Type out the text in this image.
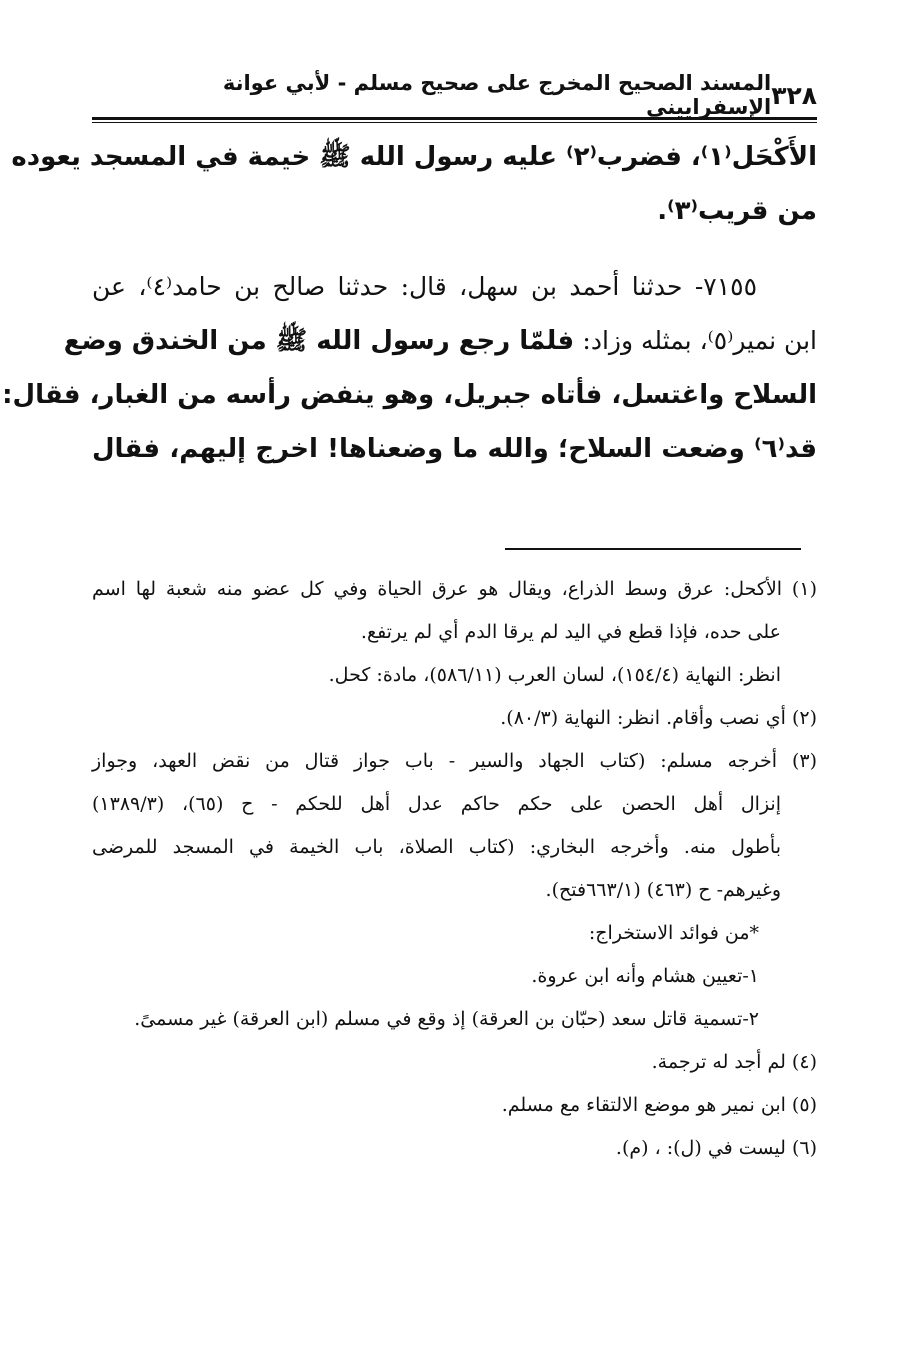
٣٢٨
المسند الصحيح المخرج على صحيح مسلم - لأبي عوانة الإسفراييني
الأَكْحَل⁽١⁾، فضرب⁽٢⁾ عليه رسول الله ﷺ خيمة في المسجد يعوده
من قريب⁽٣⁾.
٧١٥٥- حدثنا أحمد بن سهل، قال: حدثنا صالح بن حامد⁽٤⁾، عن
ابن نمير⁽٥⁾، بمثله وزاد: فلمّا رجع رسول الله ﷺ من الخندق وضع
السلاح واغتسل، فأتاه جبريل، وهو ينفض رأسه من الغبار، فقال:
قد⁽٦⁾ وضعت السلاح؛ والله ما وضعناها! اخرج إليهم، فقال
(١) الأكحل: عرق وسط الذراع، ويقال هو عرق الحياة وفي كل عضو منه شعبة لها اسم
على حده، فإذا قطع في اليد لم يرقا الدم أي لم يرتفع.
انظر: النهاية (١٥٤/٤)، لسان العرب (٥٨٦/١١)، مادة: كحل.
(٢) أي نصب وأقام. انظر: النهاية (٨٠/٣).
(٣) أخرجه مسلم: (كتاب الجهاد والسير - باب جواز قتال من نقض العهد، وجواز
إنزال أهل الحصن على حكم حاكم عدل أهل للحكم - ح (٦٥)، (١٣٨٩/٣)
بأطول منه. وأخرجه البخاري: (كتاب الصلاة، باب الخيمة في المسجد للمرضى
وغيرهم- ح (٤٦٣) (٦٦٣/١فتح).
*من فوائد الاستخراج:
١-تعيين هشام وأنه ابن عروة.
٢-تسمية قاتل سعد (حبّان بن العرقة) إذ وقع في مسلم (ابن العرقة) غير مسمىً.
(٤) لم أجد له ترجمة.
(٥) ابن نمير هو موضع الالتقاء مع مسلم.
(٦) ليست في (ل): ، (م).
